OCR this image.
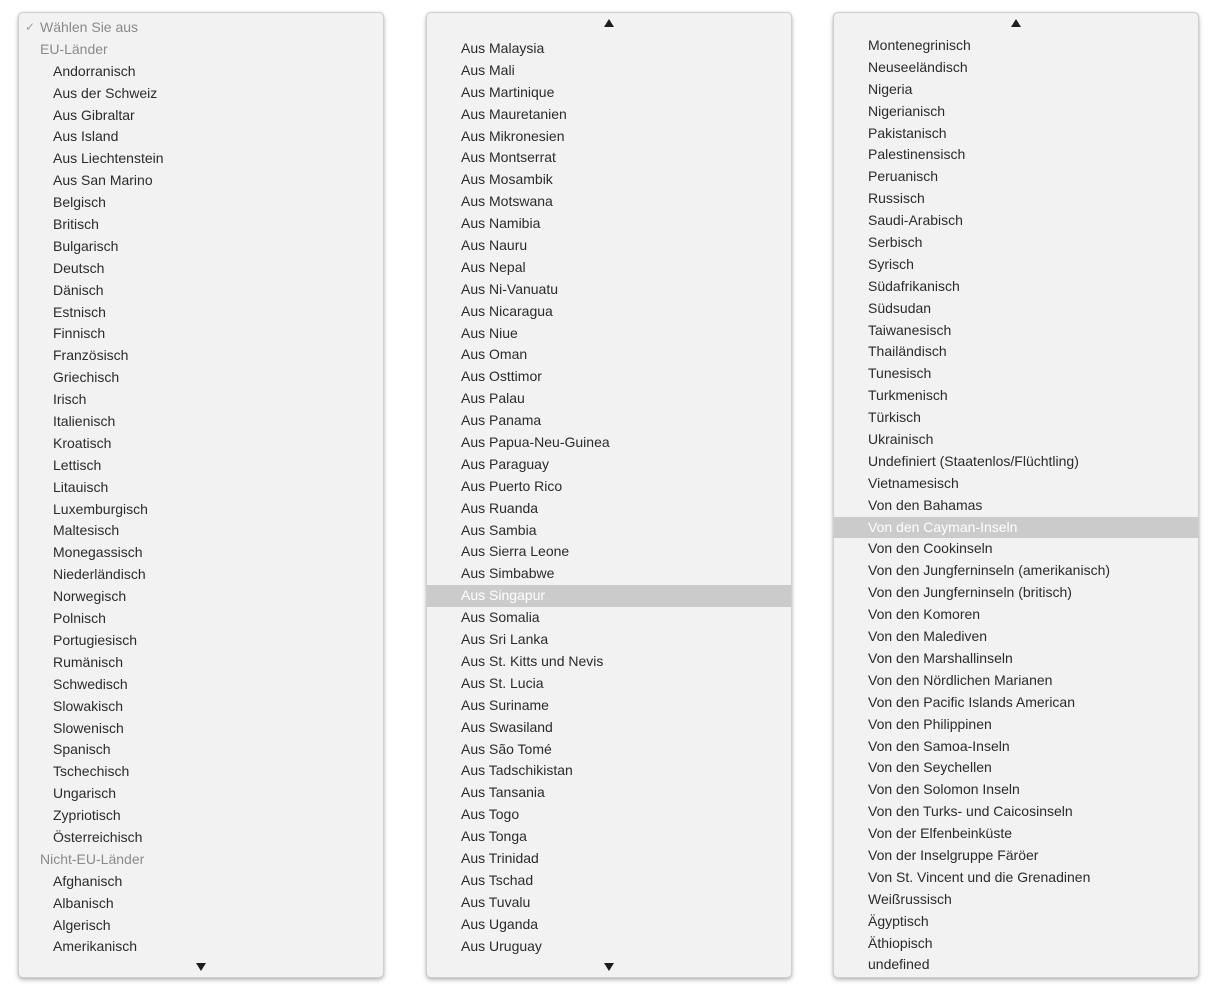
✓ Wählen Sie aus
EU-Länder
Andorranisch
Aus der Schweiz
Aus Gibraltar
Aus Island
Aus Liechtenstein
Aus San Marino
Belgisch
Britisch
Bulgarisch
Deutsch
Dänisch
Estnisch
Finnisch
Französisch
Griechisch
Irisch
Italienisch
Kroatisch
Lettisch
Litauisch
Luxemburgisch
Maltesisch
Monegassisch
Niederländisch
Norwegisch
Polnisch
Portugiesisch
Rumänisch
Schwedisch
Slowakisch
Slowenisch
Spanisch
Tschechisch
Ungarisch
Zypriotisch
Österreichisch
Nicht-EU-Länder
Afghanisch
Albanisch
Algerisch
Amerikanisch
Aus Malaysia
Aus Mali
Aus Martinique
Aus Mauretanien
Aus Mikronesien
Aus Montserrat
Aus Mosambik
Aus Motswana
Aus Namibia
Aus Nauru
Aus Nepal
Aus Ni-Vanuatu
Aus Nicaragua
Aus Niue
Aus Oman
Aus Osttimor
Aus Palau
Aus Panama
Aus Papua-Neu-Guinea
Aus Paraguay
Aus Puerto Rico
Aus Ruanda
Aus Sambia
Aus Sierra Leone
Aus Simbabwe
Aus Singapur
Aus Somalia
Aus Sri Lanka
Aus St. Kitts und Nevis
Aus St. Lucia
Aus Suriname
Aus Swasiland
Aus São Tomé
Aus Tadschikistan
Aus Tansania
Aus Togo
Aus Tonga
Aus Trinidad
Aus Tschad
Aus Tuvalu
Aus Uganda
Aus Uruguay
Montenegrinisch
Neuseeländisch
Nigeria
Nigerianisch
Pakistanisch
Palestinensisch
Peruanisch
Russisch
Saudi-Arabisch
Serbisch
Syrisch
Südafrikanisch
Südsudan
Taiwanesisch
Thailändisch
Tunesisch
Turkmenisch
Türkisch
Ukrainisch
Undefiniert (Staatenlos/Flüchtling)
Vietnamesisch
Von den Bahamas
Von den Cayman-Inseln
Von den Cookinseln
Von den Jungferninseln (amerikanisch)
Von den Jungferninseln (britisch)
Von den Komoren
Von den Malediven
Von den Marshallinseln
Von den Nördlichen Marianen
Von den Pacific Islands American
Von den Philippinen
Von den Samoa-Inseln
Von den Seychellen
Von den Solomon Inseln
Von den Turks- und Caicosinseln
Von der Elfenbeinküste
Von der Inselgruppe Färöer
Von St. Vincent und die Grenadinen
Weißrussisch
Ägyptisch
Äthiopisch
undefined
